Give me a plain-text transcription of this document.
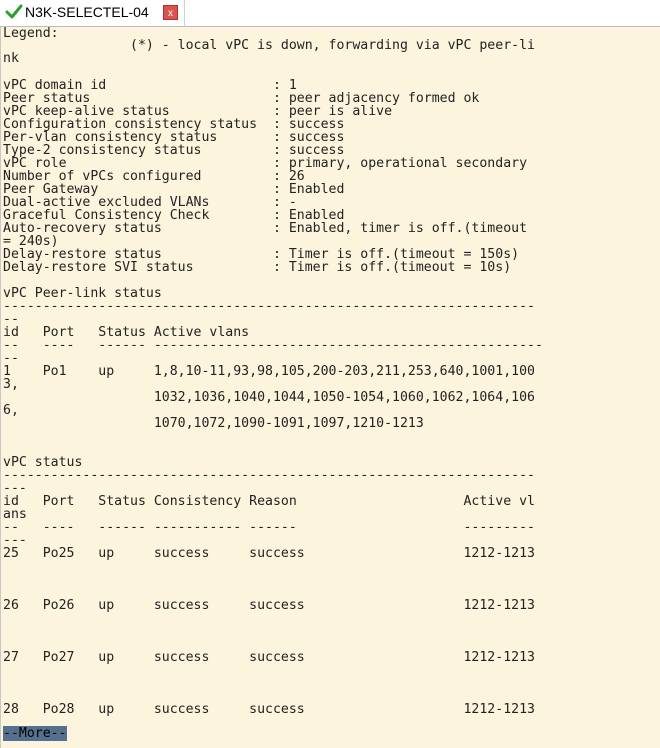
N3K-SELECTEL-04	x
Legend:
(*) - local vPC is down, forwarding via vPC peer-li
nk
vPC domain id                     : 1
Peer status                       : peer adjacency formed ok
vPC keep-alive status             : peer is alive
Configuration consistency status  : success
Per-vlan consistency status       : success
Type-2 consistency status         : success
vPC role                          : primary, operational secondary
Number of vPCs configured         : 26
Peer Gateway                      : Enabled
Dual-active excluded VLANs        : -
Graceful Consistency Check        : Enabled
Auto-recovery status              : Enabled, timer is off.(timeout
= 240s)
Delay-restore status              : Timer is off.(timeout = 150s)
Delay-restore SVI status          : Timer is off.(timeout = 10s)
vPC Peer-link status
-------------------------------------------------------------------
--
id   Port   Status Active vlans
--   ----   ------ -------------------------------------------------
--
1    Po1    up     1,8,10-11,93,98,105,200-203,211,253,640,1001,100
3,
1032,1036,1040,1044,1050-1054,1060,1062,1064,106
6,
1070,1072,1090-1091,1097,1210-1213
vPC status
-------------------------------------------------------------------
---
id   Port   Status Consistency Reason                     Active vl
ans
--   ----   ------ ----------- ------                     ---------
---
25   Po25   up     success     success                    1212-1213
26   Po26   up     success     success                    1212-1213
27   Po27   up     success     success                    1212-1213
28   Po28   up     success     success                    1212-1213
--More--
